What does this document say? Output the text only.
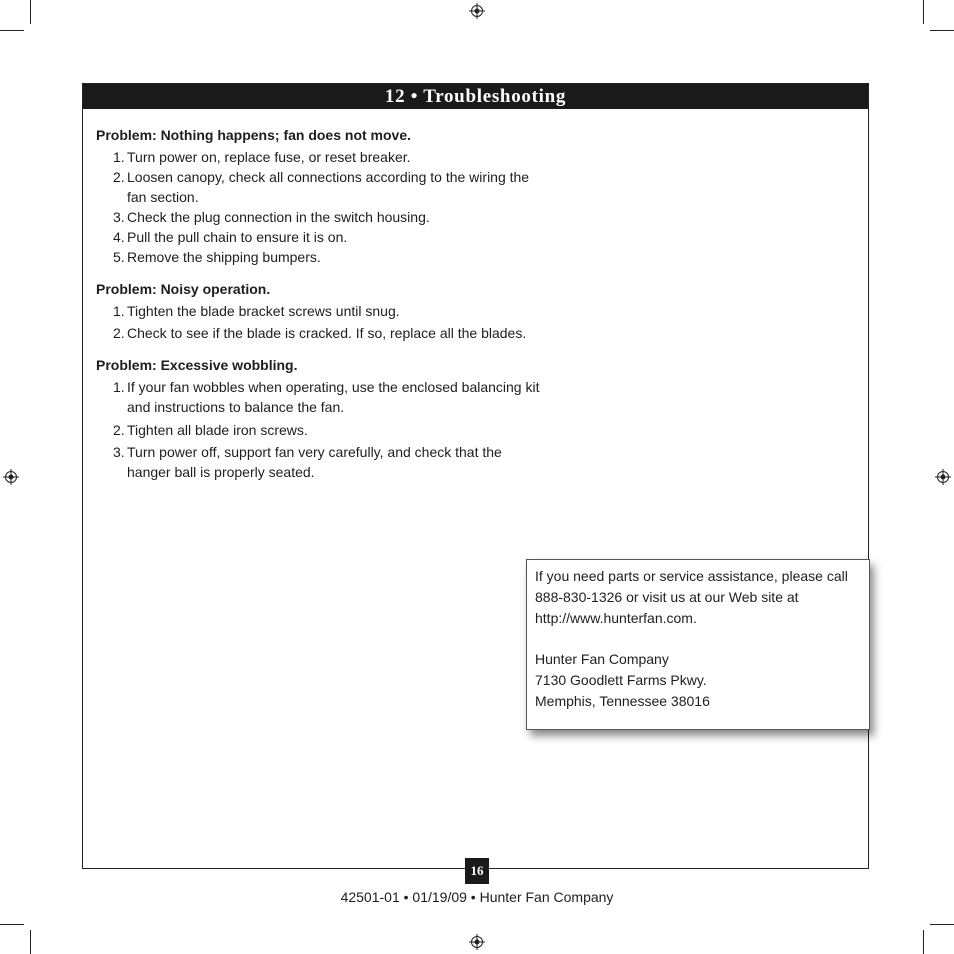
12 • Troubleshooting

Problem: Nothing happens; fan does not move.

1. Turn power on, replace fuse, or reset breaker.
2. Loosen canopy, check all connections according to the wiring the
fan section.
3. Check the plug connection in the switch housing.
4. Pull the pull chain to ensure it is on.
5. Remove the shipping bumpers.

Problem: Noisy operation.

1. Tighten the blade bracket screws until snug.
2. Check to see if the blade is cracked. If so, replace all the blades.

Problem: Excessive wobbling.

1. If your fan wobbles when operating, use the enclosed balancing kit
and instructions to balance the fan.
2. Tighten all blade iron screws.
3. Turn power off, support fan very carefully, and check that the
hanger ball is properly seated.

If you need parts or service assistance, please call

888-830-1326 or visit us at our Web site at

http://www.hunterfan.com.

Hunter Fan Company

7130 Goodlett Farms Pkwy.

Memphis, Tennessee 38016

16
42501-01 • 01/19/09 • Hunter Fan Company
